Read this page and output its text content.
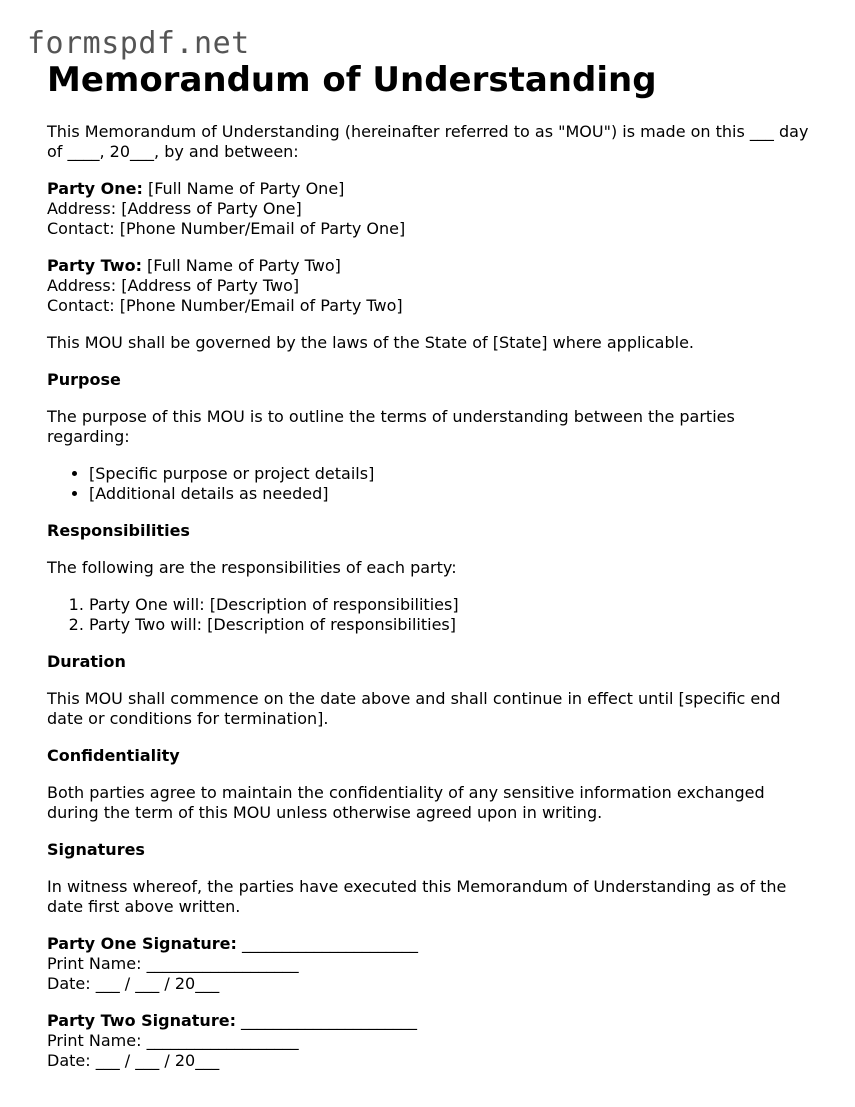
formspdf.net
Memorandum of Understanding

This Memorandum of Understanding (hereinafter referred to as "MOU") is made on this ___ day of ____, 20___, by and between:

Party One: [Full Name of Party One]
Address: [Address of Party One]
Contact: [Phone Number/Email of Party One]

Party Two: [Full Name of Party Two]
Address: [Address of Party Two]
Contact: [Phone Number/Email of Party Two]

This MOU shall be governed by the laws of the State of [State] where applicable.

Purpose

The purpose of this MOU is to outline the terms of understanding between the parties regarding:

• [Specific purpose or project details]
• [Additional details as needed]
Responsibilities

The following are the responsibilities of each party:

1. Party One will: [Description of responsibilities]
2. Party Two will: [Description of responsibilities]
Duration

This MOU shall commence on the date above and shall continue in effect until [specific end date or conditions for termination].

Confidentiality

Both parties agree to maintain the confidentiality of any sensitive information exchanged during the term of this MOU unless otherwise agreed upon in writing.

Signatures

In witness whereof, the parties have executed this Memorandum of Understanding as of the date first above written.

Party One Signature: ______________________
Print Name: ___________________
Date: ___ / ___ / 20___

Party Two Signature: ______________________
Print Name: ___________________
Date: ___ / ___ / 20___
